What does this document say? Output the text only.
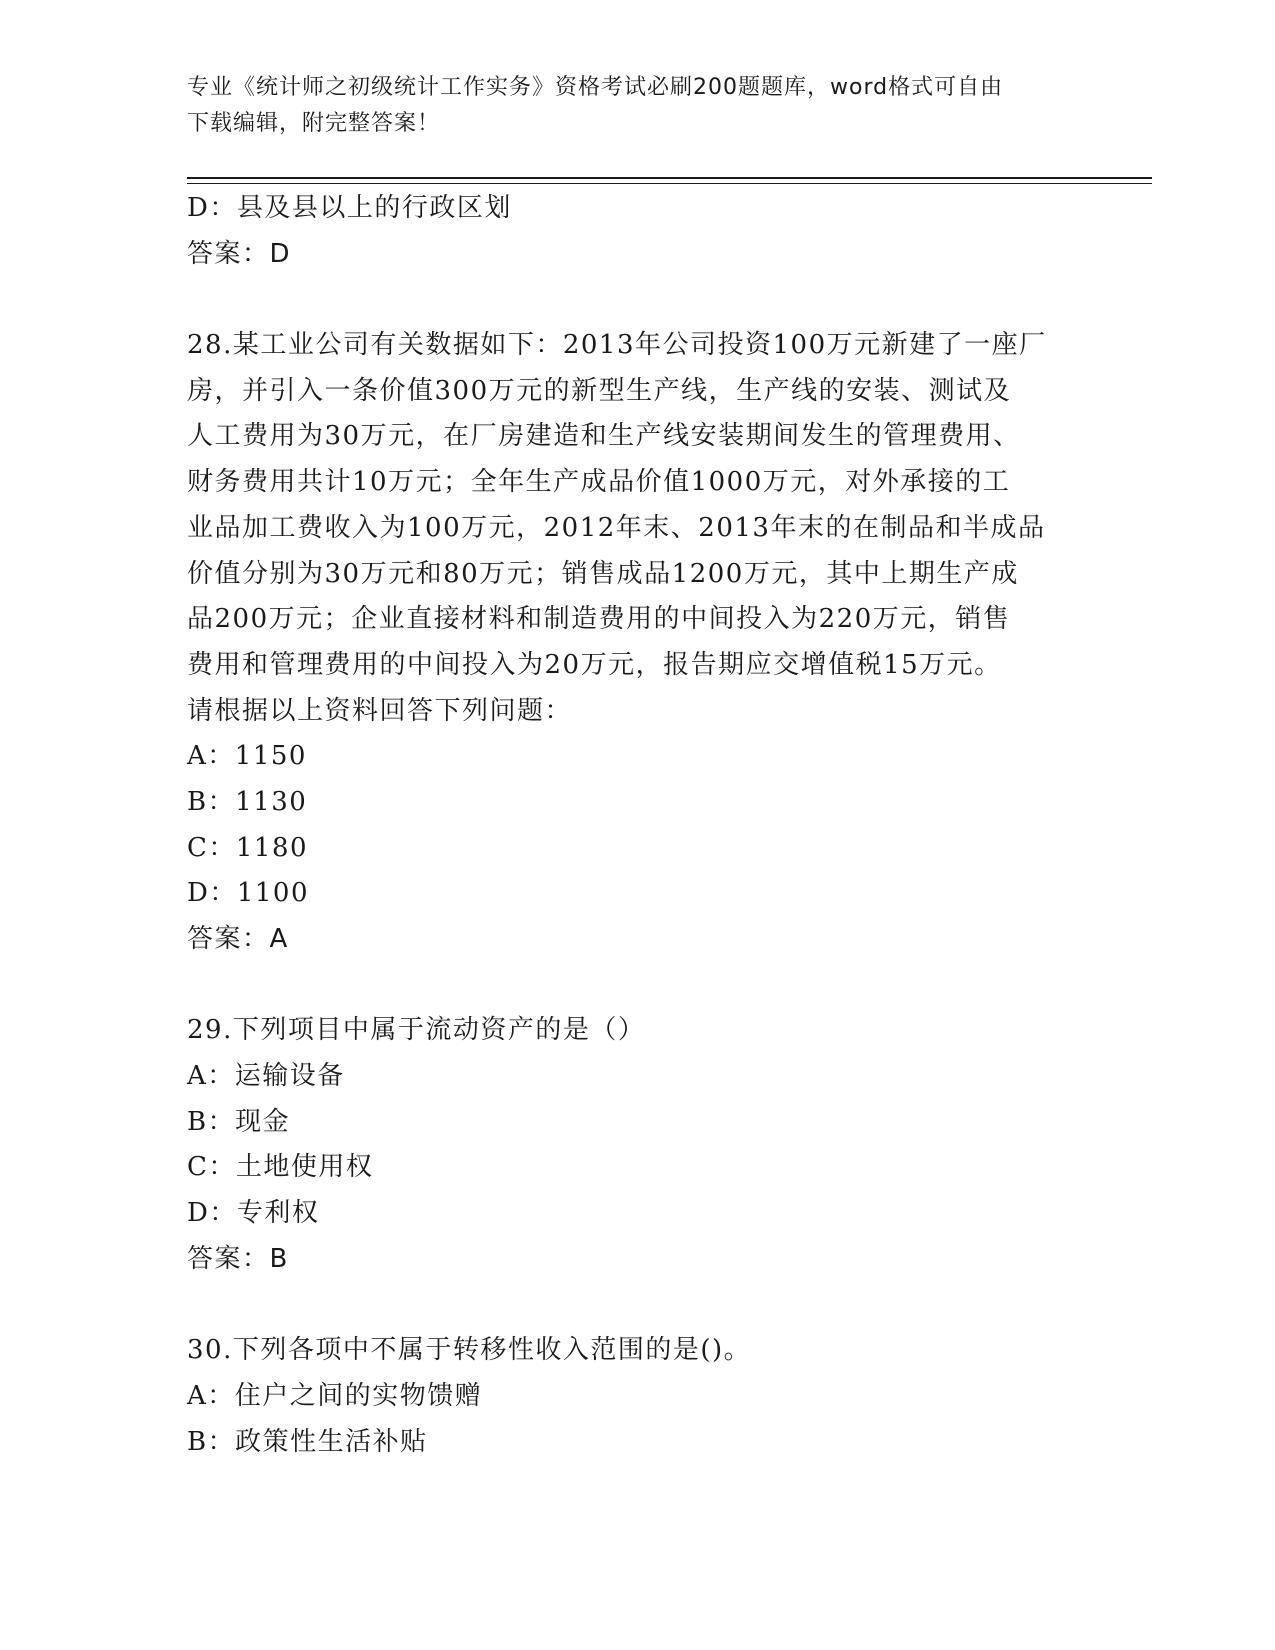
专业《统计师之初级统计工作实务》资格考试必刷200题题库，word格式可自由
下载编辑，附完整答案！
D：县及县以上的行政区划
答案：D
28.某工业公司有关数据如下：2013年公司投资100万元新建了一座厂
房，并引入一条价值300万元的新型生产线，生产线的安装、测试及
人工费用为30万元，在厂房建造和生产线安装期间发生的管理费用、
财务费用共计10万元；全年生产成品价值1000万元，对外承接的工
业品加工费收入为100万元，2012年末、2013年末的在制品和半成品
价值分别为30万元和80万元；销售成品1200万元，其中上期生产成
品200万元；企业直接材料和制造费用的中间投入为220万元，销售
费用和管理费用的中间投入为20万元，报告期应交增值税15万元。
请根据以上资料回答下列问题：
A：1150
B：1130
C：1180
D：1100
答案：A
29.下列项目中属于流动资产的是（）
A：运输设备
B：现金
C：土地使用权
D：专利权
答案：B
30.下列各项中不属于转移性收入范围的是()。
A：住户之间的实物馈赠
B：政策性生活补贴
